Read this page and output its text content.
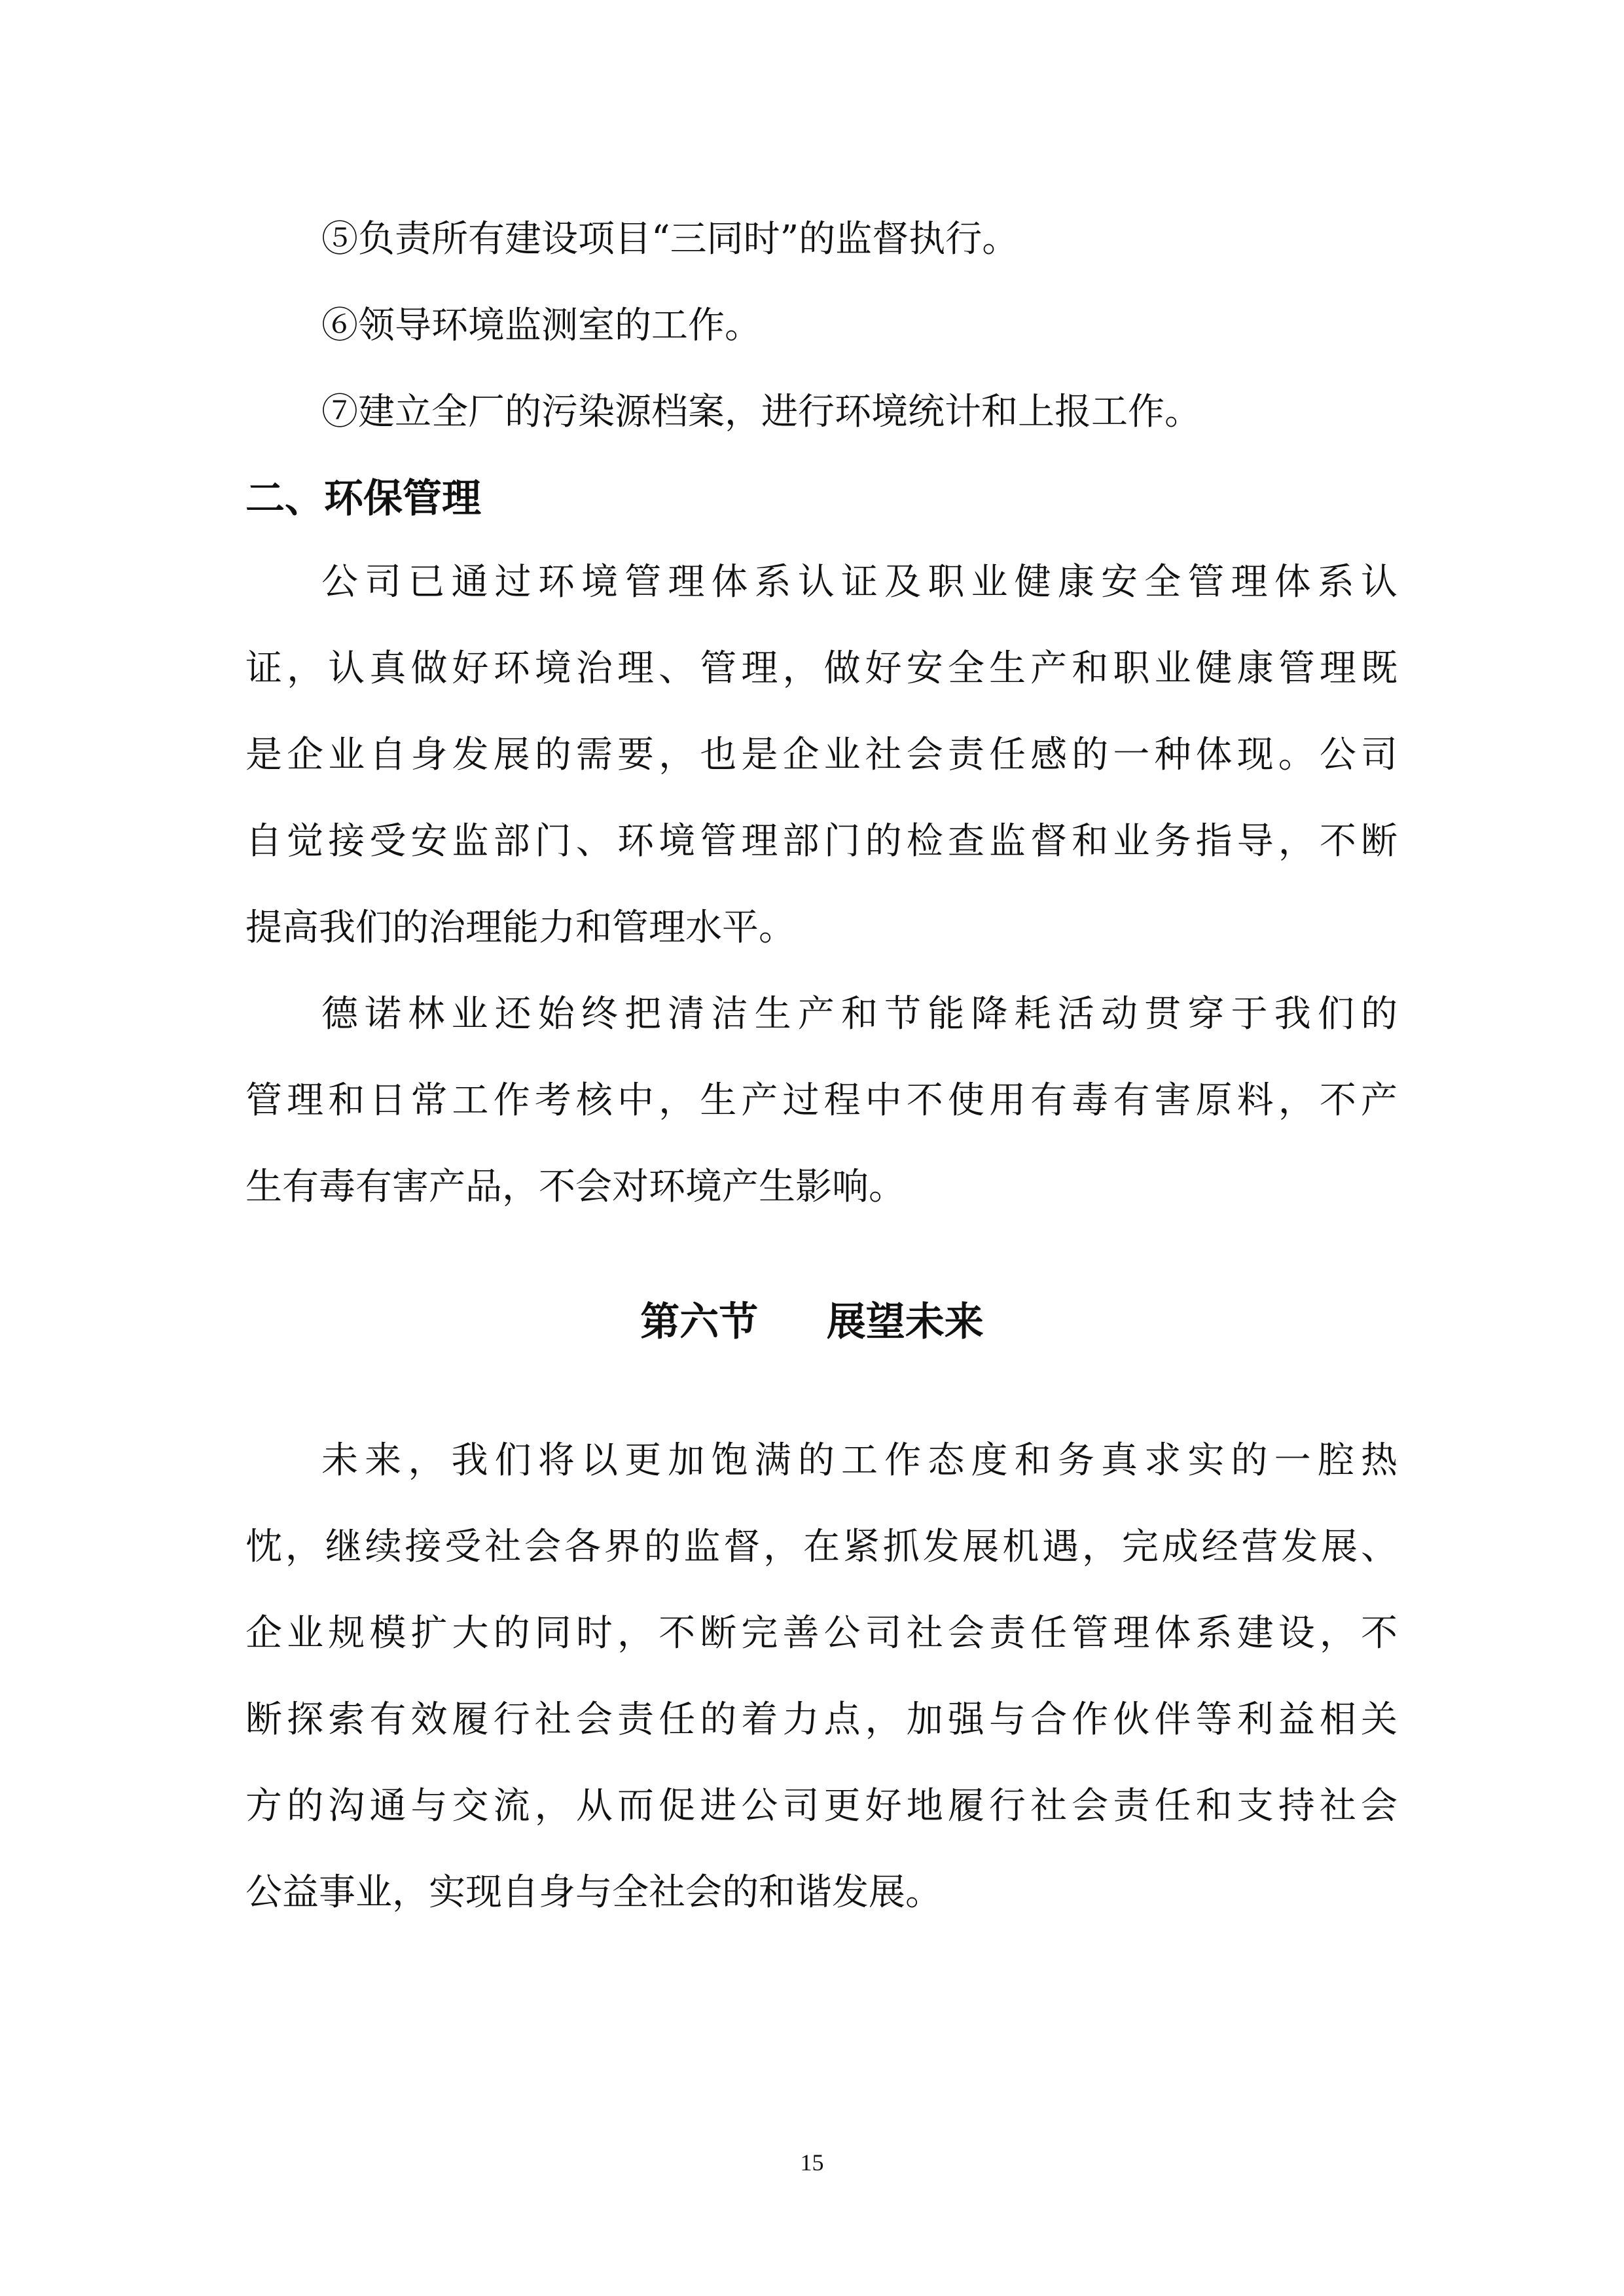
⑤负责所有建设项目“三同时”的监督执行。
⑥领导环境监测室的工作。
⑦建立全厂的污染源档案，进行环境统计和上报工作。
二、环保管理
公司已通过环境管理体系认证及职业健康安全管理体系认
证，认真做好环境治理、管理，做好安全生产和职业健康管理既
是企业自身发展的需要，也是企业社会责任感的一种体现。公司
自觉接受安监部门、环境管理部门的检查监督和业务指导，不断
提高我们的治理能力和管理水平。
德诺林业还始终把清洁生产和节能降耗活动贯穿于我们的
管理和日常工作考核中，生产过程中不使用有毒有害原料，不产
生有毒有害产品，不会对环境产生影响。
第六节     展望未来
未来，我们将以更加饱满的工作态度和务真求实的一腔热
忱，继续接受社会各界的监督，在紧抓发展机遇，完成经营发展、
企业规模扩大的同时，不断完善公司社会责任管理体系建设，不
断探索有效履行社会责任的着力点，加强与合作伙伴等利益相关
方的沟通与交流，从而促进公司更好地履行社会责任和支持社会
公益事业，实现自身与全社会的和谐发展。
15
